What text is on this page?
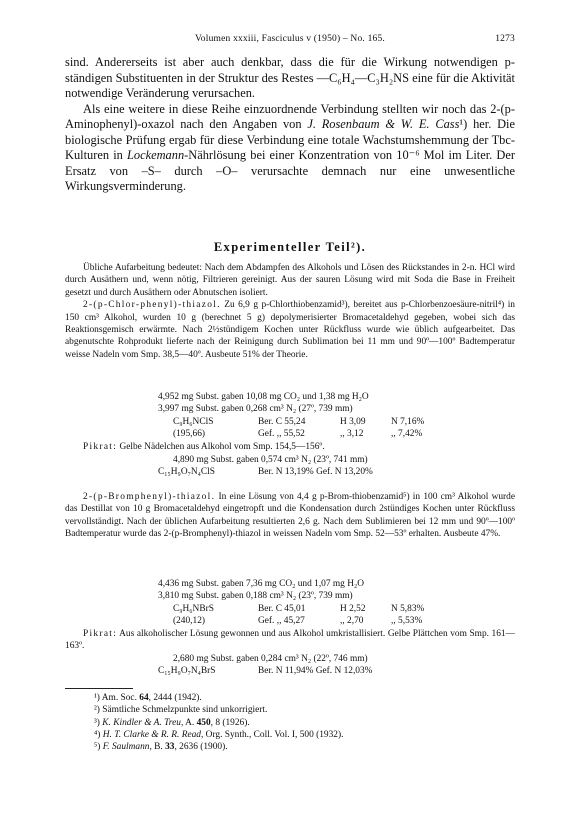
Volumen xxxiii, Fasciculus v (1950) – No. 165.	1273

sind. Andererseits ist aber auch denkbar, dass die für die Wirkung notwendigen p-ständigen Substituenten in der Struktur des Restes —C₆H₄—C₃H₂NS eine für die Aktivität notwendige Veränderung verursachen.

Als eine weitere in diese Reihe einzuordnende Verbindung stellten wir noch das 2-(p-Aminophenyl)-oxazol nach den Angaben von J. Rosenbaum & W. E. Cass¹) her. Die biologische Prüfung ergab für diese Verbindung eine totale Wachstumshemmung der Tbc-Kulturen in Lockemann-Nährlösung bei einer Konzentration von 10⁻⁶ Mol im Liter. Der Ersatz von –S– durch –O– verursachte demnach nur eine unwesentliche Wirkungsverminderung.

Experimenteller Teil²).

Übliche Aufarbeitung bedeutet: Nach dem Abdampfen des Alkohols und Lösen des Rückstandes in 2-n. HCl wird durch Ausäthern und, wenn nötig, Filtrieren gereinigt. Aus der sauren Lösung wird mit Soda die Base in Freiheit gesetzt und durch Ausäthern oder Abnutschen isoliert.

2-(p-Chlor-phenyl)-thiazol. Zu 6,9 g p-Chlorthiobenzamid³), bereitet aus p-Chlorbenzoesäure-nitril⁴) in 150 cm³ Alkohol, wurden 10 g (berechnet 5 g) depolymerisierter Bromacetaldehyd gegeben, wobei sich das Reaktionsgemisch erwärmte. Nach 2½stündigem Kochen unter Rückfluss wurde wie üblich aufgearbeitet. Das abgenutschte Rohprodukt lieferte nach der Reinigung durch Sublimation bei 11 mm und 90º—100º Badtemperatur weisse Nadeln vom Smp. 38,5—40º. Ausbeute 51% der Theorie.

4,952 mg Subst. gaben 10,08 mg CO₂ und 1,38 mg H₂O
3,997 mg Subst. gaben 0,268 cm³ N₂ (27º, 739 mm)
C₉H₆NClS	Ber. C 55,24	H 3,09	N 7,16%
(195,66)	Gef. ,, 55,52	,, 3,12	,, 7,42%

Pikrat: Gelbe Nädelchen aus Alkohol vom Smp. 154,5—156º.

4,890 mg Subst. gaben 0,574 cm³ N₂ (23º, 741 mm)
C₁₅H₉O₇N₄ClS	Ber. N 13,19% Gef. N 13,20%

2-(p-Bromphenyl)-thiazol. In eine Lösung von 4,4 g p-Brom-thiobenzamid⁵) in 100 cm³ Alkohol wurde das Destillat von 10 g Bromacetaldehyd eingetropft und die Kondensation durch 2stündiges Kochen unter Rückfluss vervollständigt. Nach der üblichen Aufarbeitung resultierten 2,6 g. Nach dem Sublimieren bei 12 mm und 90º—100º Badtemperatur wurde das 2-(p-Bromphenyl)-thiazol in weissen Nadeln vom Smp. 52—53º erhalten. Ausbeute 47%.

4,436 mg Subst. gaben 7,36 mg CO₂ und 1,07 mg H₂O
3,810 mg Subst. gaben 0,188 cm³ N₂ (23º, 739 mm)
C₉H₆NBrS	Ber. C 45,01	H 2,52	N 5,83%
(240,12)	Gef. ,, 45,27	,, 2,70	,, 5,53%

Pikrat: Aus alkoholischer Lösung gewonnen und aus Alkohol umkristallisiert. Gelbe Plättchen vom Smp. 161—163º.

2,680 mg Subst. gaben 0,284 cm³ N₂ (22º, 746 mm)
C₁₅H₉O₇N₄BrS	Ber. N 11,94% Gef. N 12,03%
¹) Am. Soc. 64, 2444 (1942).
²) Sämtliche Schmelzpunkte sind unkorrigiert.
³) K. Kindler & A. Treu, A. 450, 8 (1926).
⁴) H. T. Clarke & R. R. Read, Org. Synth., Coll. Vol. I, 500 (1932).
⁵) F. Saulmann, B. 33, 2636 (1900).
